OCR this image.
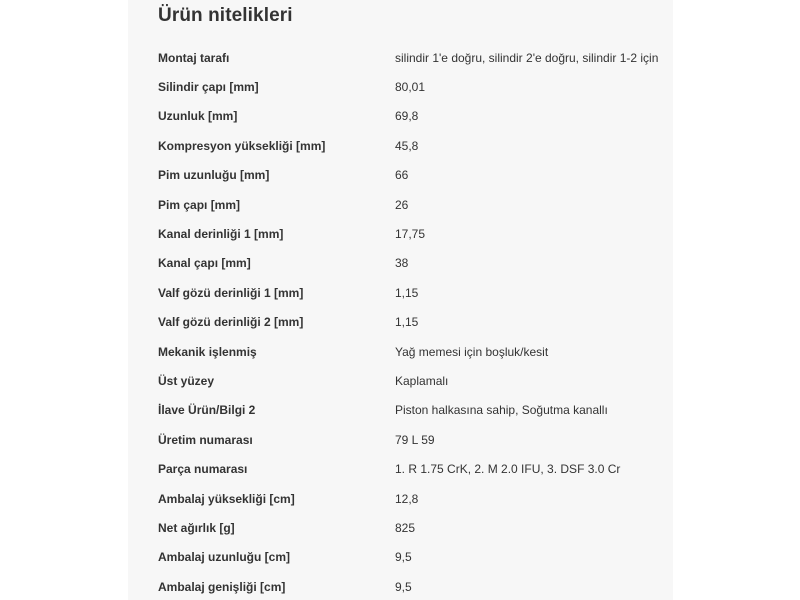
Ürün nitelikleri
Montaj tarafı	silindir 1'e doğru, silindir 2'e doğru, silindir 1-2 için
Silindir çapı [mm]	80,01
Uzunluk [mm]	69,8
Kompresyon yüksekliği [mm]	45,8
Pim uzunluğu [mm]	66
Pim çapı [mm]	26
Kanal derinliği 1 [mm]	17,75
Kanal çapı [mm]	38
Valf gözü derinliği 1 [mm]	1,15
Valf gözü derinliği 2 [mm]	1,15
Mekanik işlenmiş	Yağ memesi için boşluk/kesit
Üst yüzey	Kaplamalı
İlave Ürün/Bilgi 2	Piston halkasına sahip, Soğutma kanallı
Üretim numarası	79 L 59
Parça numarası	1. R 1.75 CrK, 2. M 2.0 IFU, 3. DSF 3.0 Cr
Ambalaj yüksekliği [cm]	12,8
Net ağırlık [g]	825
Ambalaj uzunluğu [cm]	9,5
Ambalaj genişliği [cm]	9,5
